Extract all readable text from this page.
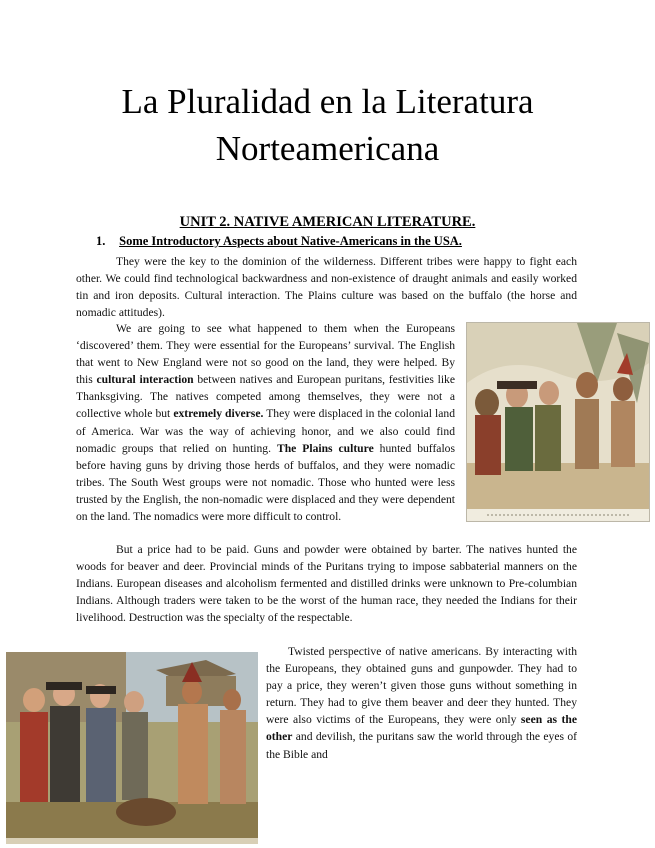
La Pluralidad en la Literatura
Norteamericana
UNIT 2. NATIVE AMERICAN LITERATURE.
1. Some Introductory Aspects about Native-Americans in the USA.

They were the key to the dominion of the wilderness. Different tribes were happy to fight each other. We could find technological backwardness and non-existence of draught animals and easily worked tin and iron deposits. Cultural interaction. The Plains culture was based on the buffalo (the horse and nomadic attitudes).

We are going to see what happened to them when the Europeans ‘discovered’ them. They were essential for the Europeans’ survival. The English that went to New England were not so good on the land, they were helped. By this cultural interaction between natives and European puritans, festivities like Thanksgiving. The natives competed among themselves, they were not a collective whole but extremely diverse. They were displaced in the colonial land of America. War was the way of achieving honor, and we also could find nomadic groups that relied on hunting. The Plains culture hunted buffalos before having guns by driving those herds of buffalos, and they were nomadic tribes. The South West groups were not nomadic. Those who hunted were less trusted by the English, the non-nomadic were displaced and they were dependent on the land. The nomadics were more difficult to control.

But a price had to be paid. Guns and powder were obtained by barter. The natives hunted the woods for beaver and deer. Provincial minds of the Puritans trying to impose sabbaterial manners on the Indians. European diseases and alcoholism fermented and distilled drinks were unknown to Pre-columbian Indians. Although traders were taken to be the worst of the human race, they needed the Indians for their livelihood. Destruction was the specialty of the respectable.

Twisted perspective of native americans. By interacting with the Europeans, they obtained guns and gunpowder. They had to pay a price, they weren’t given those guns without something in return. They had to give them beaver and deer they hunted. They were also victims of the Europeans, they were only seen as the other and devilish, the puritans saw the world through the eyes of the Bible and
